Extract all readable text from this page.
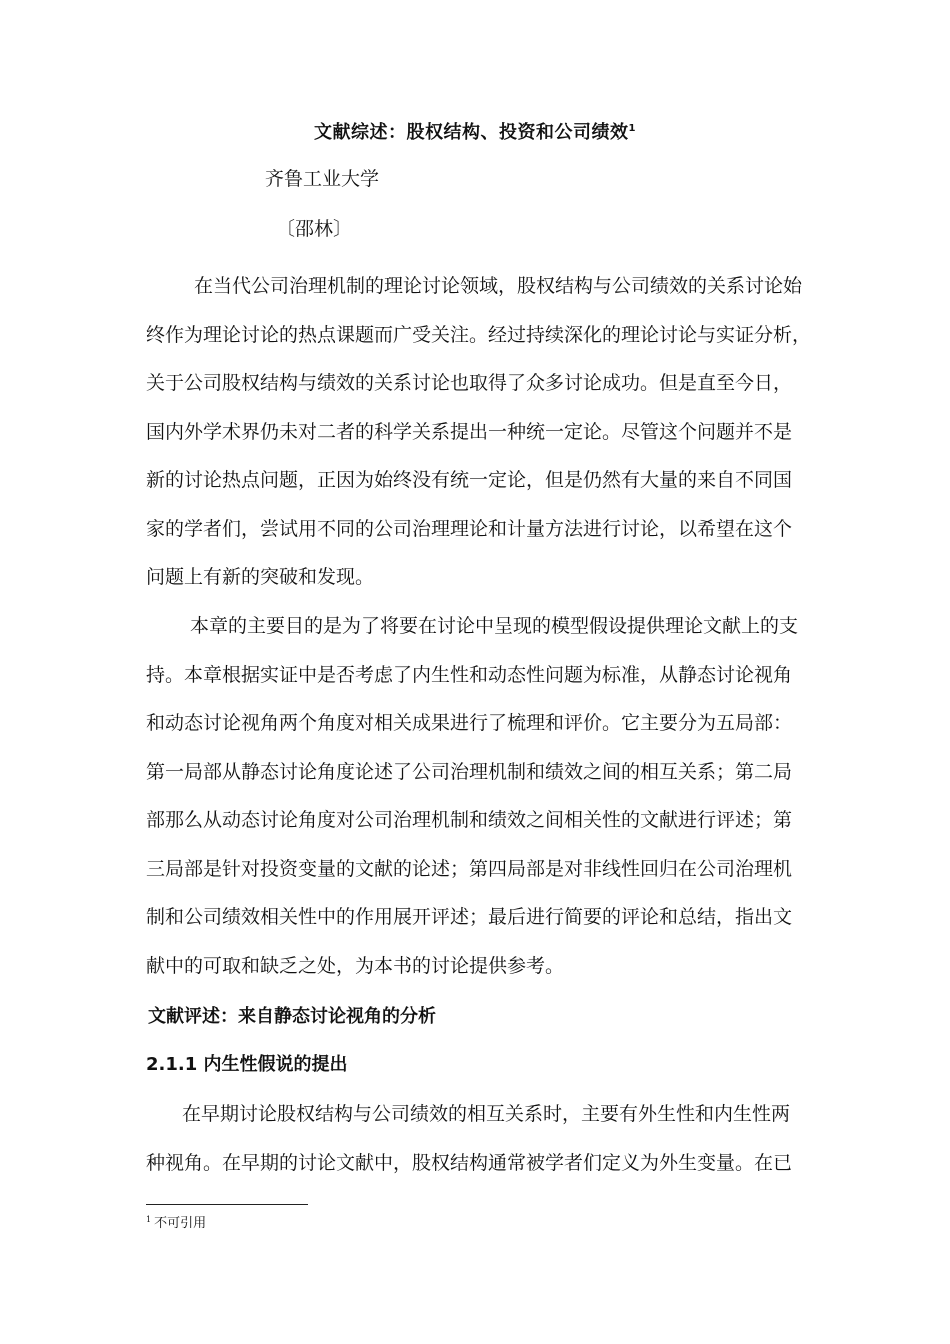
文献综述：股权结构、投资和公司绩效$^1$
齐鲁工业大学
〔邵林〕
在当代公司治理机制的理论讨论领域，股权结构与公司绩效的关系讨论始
终作为理论讨论的热点课题而广受关注。经过持续深化的理论讨论与实证分析，
关于公司股权结构与绩效的关系讨论也取得了众多讨论成功。但是直至今日，
国内外学术界仍未对二者的科学关系提出一种统一定论。尽管这个问题并不是
新的讨论热点问题，正因为始终没有统一定论，但是仍然有大量的来自不同国
家的学者们，尝试用不同的公司治理理论和计量方法进行讨论，以希望在这个
问题上有新的突破和发现。
本章的主要目的是为了将要在讨论中呈现的模型假设提供理论文献上的支
持。本章根据实证中是否考虑了内生性和动态性问题为标准，从静态讨论视角
和动态讨论视角两个角度对相关成果进行了梳理和评价。它主要分为五局部：
第一局部从静态讨论角度论述了公司治理机制和绩效之间的相互关系；第二局
部那么从动态讨论角度对公司治理机制和绩效之间相关性的文献进行评述；第
三局部是针对投资变量的文献的论述；第四局部是对非线性回归在公司治理机
制和公司绩效相关性中的作用展开评述；最后进行简要的评论和总结，指出文
献中的可取和缺乏之处，为本书的讨论提供参考。
文献评述：来自静态讨论视角的分析
2.1.1 内生性假说的提出
在早期讨论股权结构与公司绩效的相互关系时，主要有外生性和内生性两
种视角。在早期的讨论文献中，股权结构通常被学者们定义为外生变量。在已
$^1$ 不可引用
